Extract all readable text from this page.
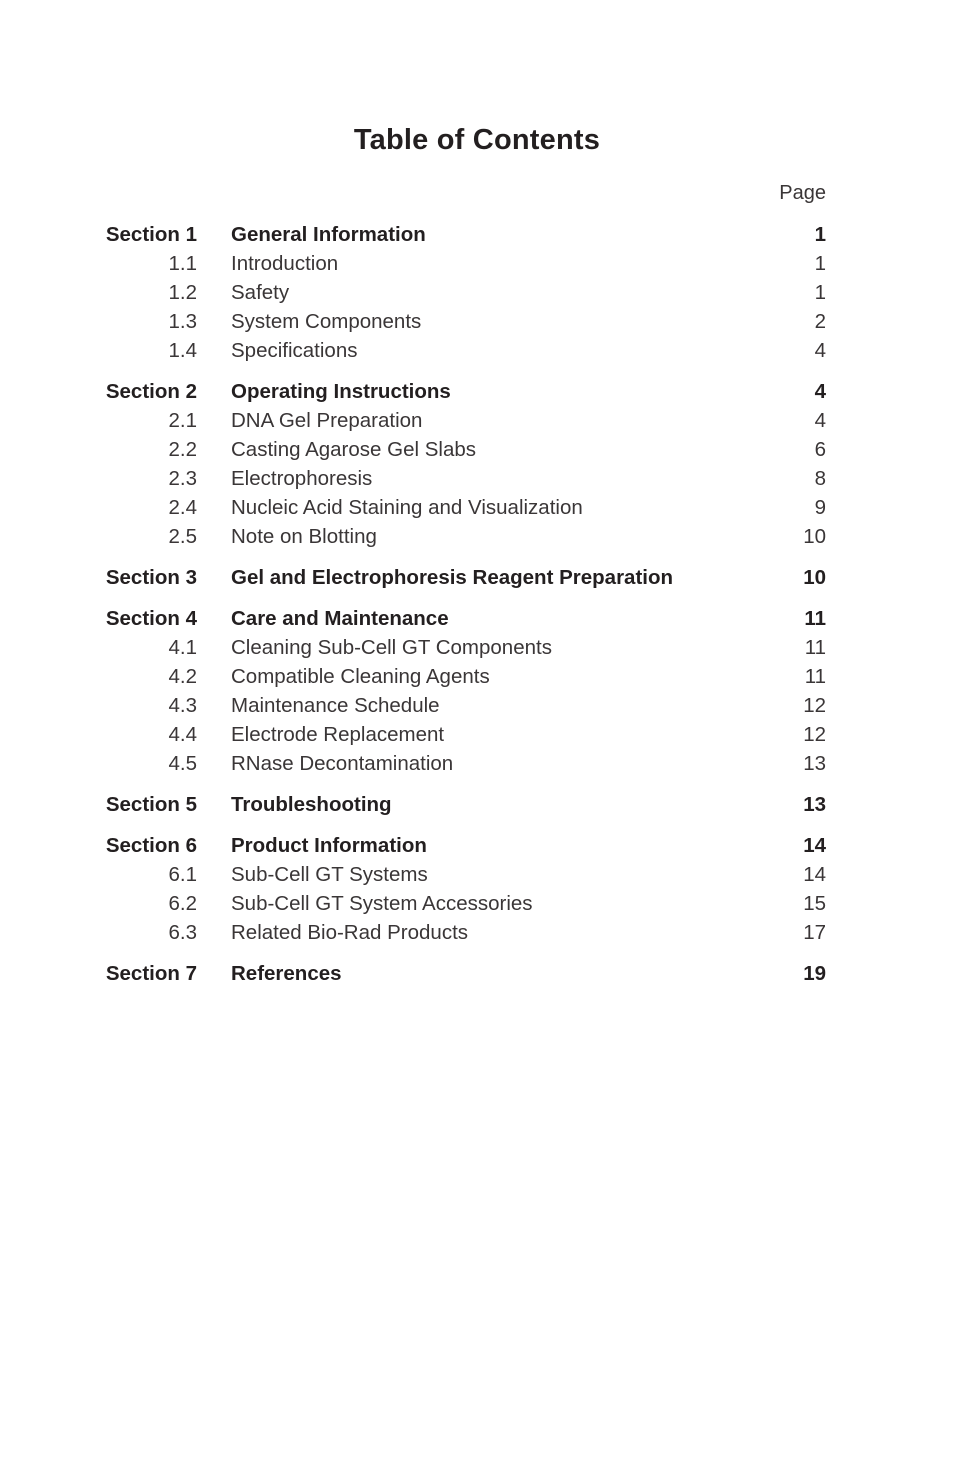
Table of Contents
Page
Section 1 General Information	1
1.1 Introduction	1
1.2 Safety	1
1.3 System Components	2
1.4 Specifications	4
Section 2 Operating Instructions	4
2.1 DNA Gel Preparation	4
2.2 Casting Agarose Gel Slabs	6
2.3 Electrophoresis	8
2.4 Nucleic Acid Staining and Visualization	9
2.5 Note on Blotting	10
Section 3 Gel and Electrophoresis Reagent Preparation	10
Section 4 Care and Maintenance	11
4.1 Cleaning Sub-Cell GT Components	11
4.2 Compatible Cleaning Agents	11
4.3 Maintenance Schedule	12
4.4 Electrode Replacement	12
4.5 RNase Decontamination	13
Section 5 Troubleshooting	13
Section 6 Product Information	14
6.1 Sub-Cell GT Systems	14
6.2 Sub-Cell GT System Accessories	15
6.3 Related Bio-Rad Products	17
Section 7 References	19
